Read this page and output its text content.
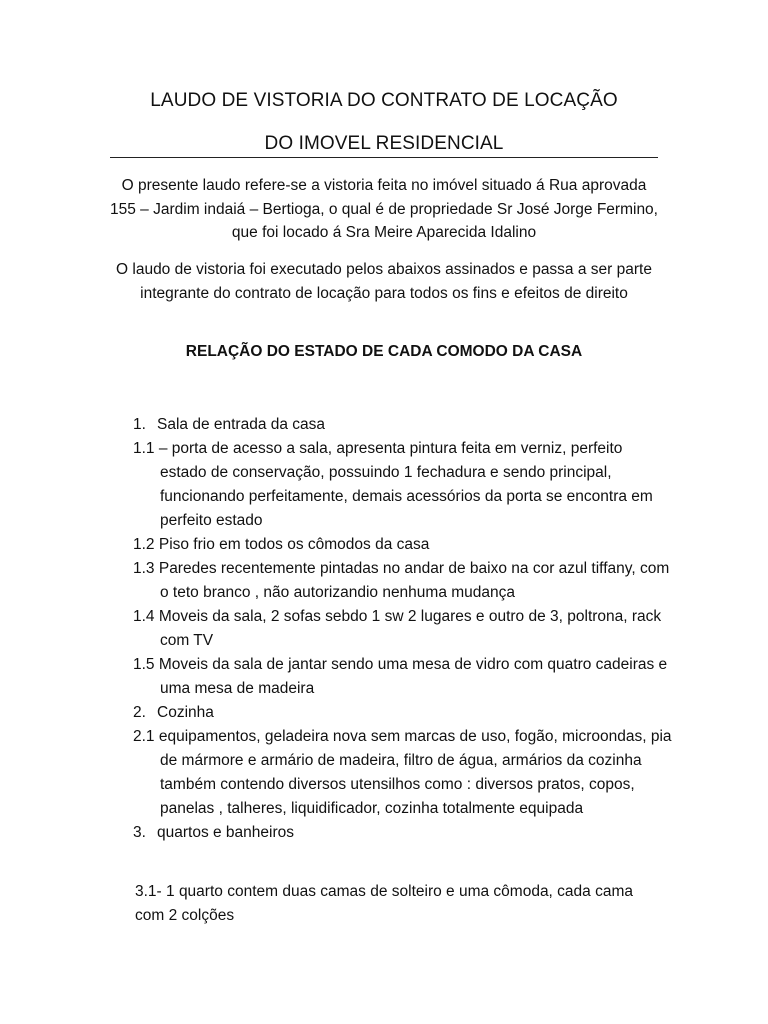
LAUDO DE VISTORIA DO CONTRATO DE LOCAÇÃO
DO IMOVEL RESIDENCIAL
O presente laudo refere-se a vistoria feita no imóvel situado á Rua aprovada 155 – Jardim indaiá – Bertioga, o qual é de propriedade Sr José Jorge Fermino, que foi locado á Sra Meire Aparecida Idalino
O laudo de vistoria foi executado pelos abaixos assinados e passa a ser parte integrante do contrato de locação para todos os fins e efeitos de direito
RELAÇÃO DO ESTADO DE CADA COMODO DA CASA

1. Sala de entrada da casa

1.1 – porta de acesso a sala, apresenta pintura feita em verniz, perfeito estado de conservação, possuindo 1 fechadura e sendo principal, funcionando perfeitamente, demais acessórios da porta se encontra em perfeito estado

1.2 Piso frio em todos os cômodos da casa

1.3 Paredes recentemente pintadas no andar de baixo na cor azul tiffany, com o teto branco , não autorizandio nenhuma mudança

1.4 Moveis da sala, 2 sofas sebdo 1 sw 2 lugares e outro de 3, poltrona, rack com TV

1.5 Moveis da sala de jantar sendo uma mesa de vidro com quatro cadeiras e uma mesa de madeira

2. Cozinha

2.1 equipamentos, geladeira nova sem marcas de uso, fogão, microondas, pia de mármore e armário de madeira, filtro de água, armários da cozinha também contendo diversos utensilhos como : diversos pratos, copos, panelas , talheres, liquidificador, cozinha totalmente equipada

3. quartos e banheiros

3.1- 1 quarto contem duas camas de solteiro e uma cômoda, cada cama com 2 colções
